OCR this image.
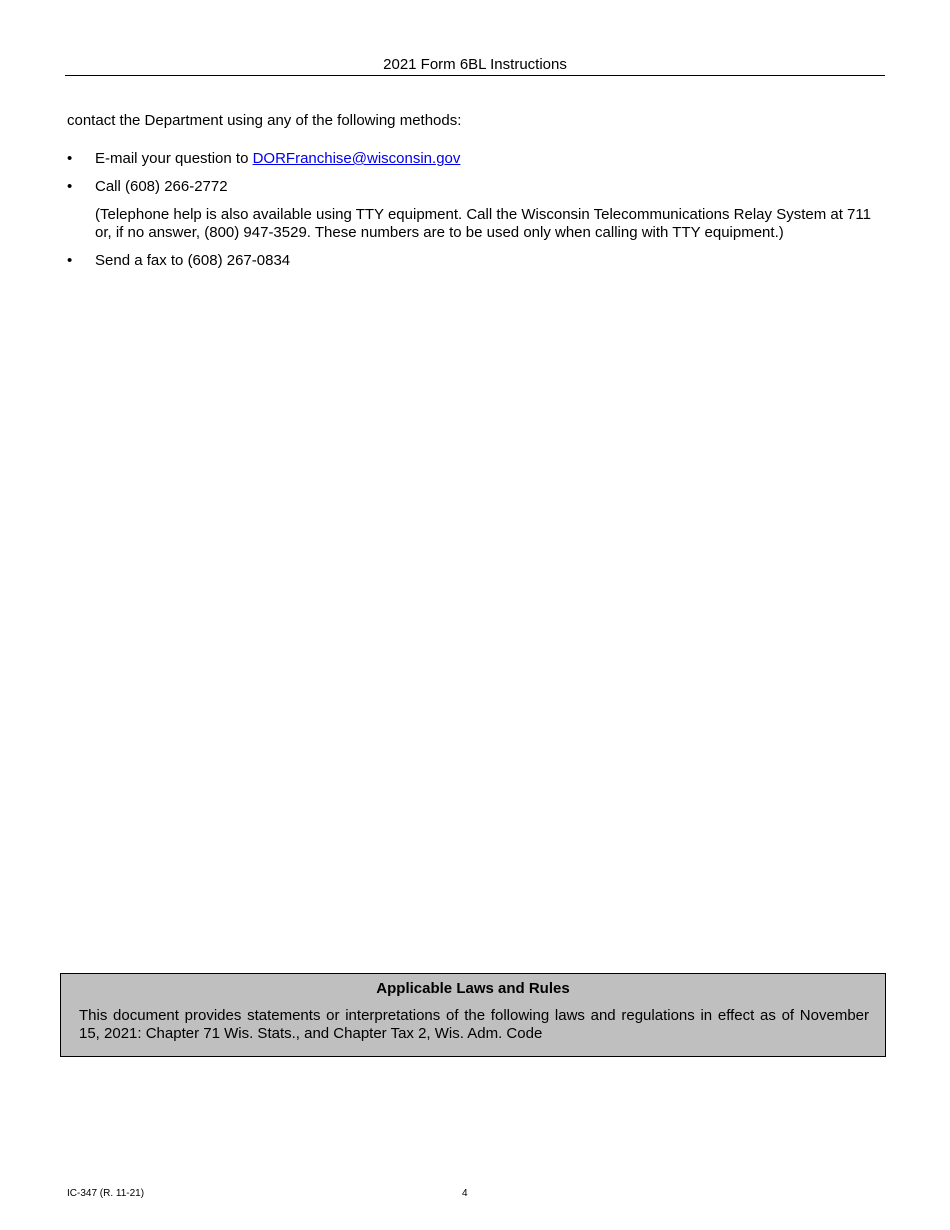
2021 Form 6BL Instructions

contact the Department using any of the following methods:

• E-mail your question to DORFranchise@wisconsin.gov
• Call (608) 266-2772
(Telephone help is also available using TTY equipment. Call the Wisconsin Telecommunications Relay System at 711 or, if no answer, (800) 947-3529. These numbers are to be used only when calling with TTY equipment.)
• Send a fax to (608) 267-0834
Applicable Laws and Rules

This document provides statements or interpretations of the following laws and regulations in effect as of November 15, 2021: Chapter 71 Wis. Stats., and Chapter Tax 2, Wis. Adm. Code

IC-347 (R. 11-21)	4
